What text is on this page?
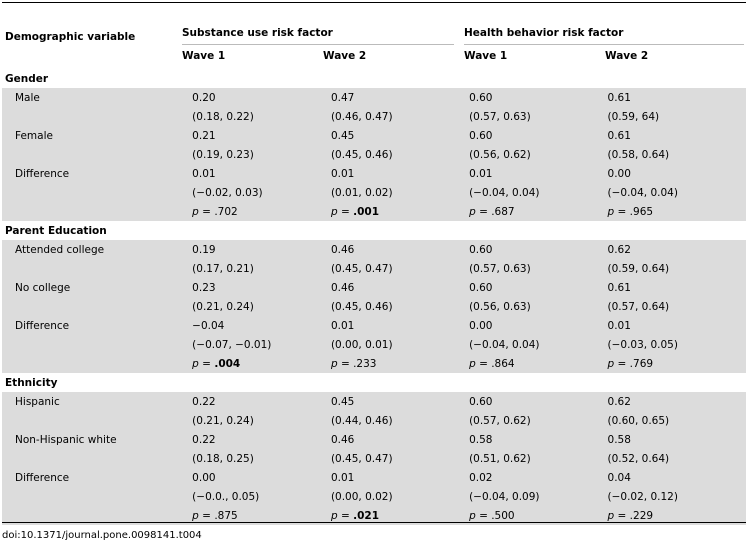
Demographic variable	Substance use risk factor	Health behavior risk factor
Wave 1	Wave 2	Wave 1	Wave 2
Gender				
Male	0.20	0.47	0.60	0.61
	(0.18, 0.22)	(0.46, 0.47)	(0.57, 0.63)	(0.59, 64)
Female	0.21	0.45	0.60	0.61
	(0.19, 0.23)	(0.45, 0.46)	(0.56, 0.62)	(0.58, 0.64)
Difference	0.01	0.01	0.01	0.00
	(−0.02, 0.03)	(0.01, 0.02)	(−0.04, 0.04)	(−0.04, 0.04)
	p = .702	p = .001	p = .687	p = .965
Parent Education				
Attended college	0.19	0.46	0.60	0.62
	(0.17, 0.21)	(0.45, 0.47)	(0.57, 0.63)	(0.59, 0.64)
No college	0.23	0.46	0.60	0.61
	(0.21, 0.24)	(0.45, 0.46)	(0.56, 0.63)	(0.57, 0.64)
Difference	−0.04	0.01	0.00	0.01
	(−0.07, −0.01)	(0.00, 0.01)	(−0.04, 0.04)	(−0.03, 0.05)
	p = .004	p = .233	p = .864	p = .769
Ethnicity				
Hispanic	0.22	0.45	0.60	0.62
	(0.21, 0.24)	(0.44, 0.46)	(0.57, 0.62)	(0.60, 0.65)
Non-Hispanic white	0.22	0.46	0.58	0.58
	(0.18, 0.25)	(0.45, 0.47)	(0.51, 0.62)	(0.52, 0.64)
Difference	0.00	0.01	0.02	0.04
	(−0.0., 0.05)	(0.00, 0.02)	(−0.04, 0.09)	(−0.02, 0.12)
	p = .875	p = .021	p = .500	p = .229
doi:10.1371/journal.pone.0098141.t004
